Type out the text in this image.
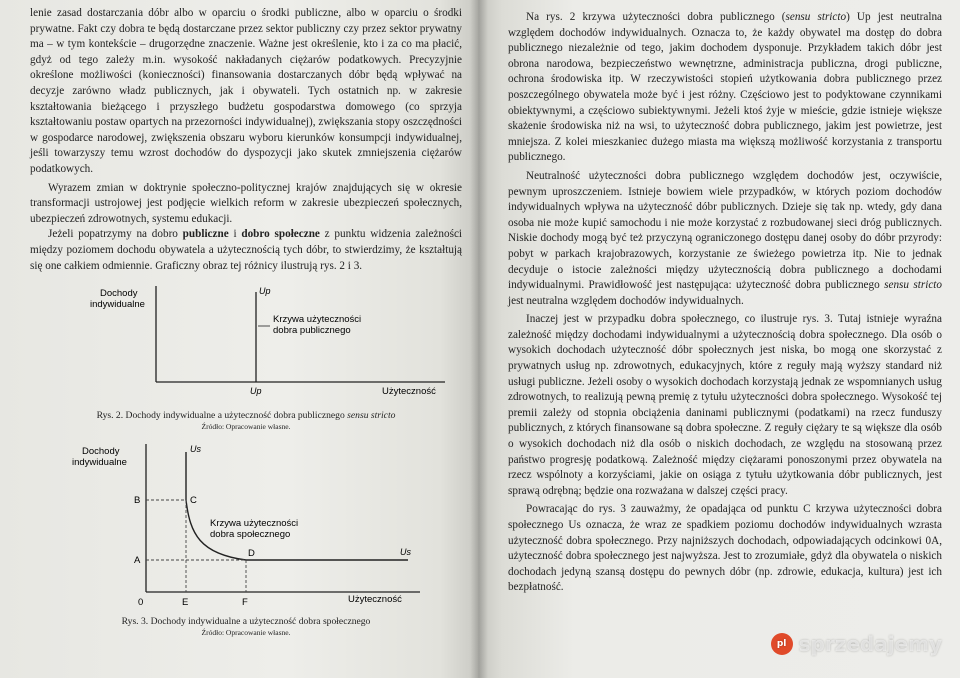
lenie zasad dostarczania dóbr albo w oparciu o środki publiczne, albo w oparciu o środki prywatne. Fakt czy dobra te będą dostarczane przez sektor publiczny czy przez sektor prywatny ma – w tym kontekście – drugorzędne znaczenie. Ważne jest określenie, kto i za co ma płacić, gdyż od tego zależy m.in. wysokość nakładanych ciężarów podatkowych. Precyzyjnie określone możliwości (konieczności) finansowania dostarczanych dóbr będą wpływać na decyzje zarówno władz publicznych, jak i obywateli. Tych ostatnich np. w zakresie kształtowania bieżącego i przyszłego budżetu gospodarstwa domowego (co sprzyja kształtowaniu postaw opartych na przezorności indywidualnej), zwiększania stopy oszczędności w gospodarce narodowej, zwiększenia obszaru wyboru kierunków konsumpcji indywidualnej, jeśli towarzyszy temu wzrost dochodów do dyspozycji jako skutek zmniejszenia ciężarów podatkowych.

Wyrazem zmian w doktrynie społeczno-politycznej krajów znajdujących się w okresie transformacji ustrojowej jest podjęcie wielkich reform w zakresie ubezpieczeń społecznych, ubezpieczeń zdrowotnych, systemu edukacji.

Jeżeli popatrzymy na dobro publiczne i dobro społeczne z punktu widzenia zależności między poziomem dochodu obywatela a użytecznością tych dóbr, to stwierdzimy, że kształtują się one całkiem odmiennie. Graficzny obraz tej różnicy ilustrują rys. 2 i 3.

Dochody
indywidualne
Up
Krzywa użyteczności
dobra publicznego
Up	Użyteczność

Rys. 2. Dochody indywidualne a użyteczność dobra publicznego sensu stricto

Źródło: Opracowanie własne.

Dochody
indywidualne
Us
B	C
A
D	Us
Krzywa użyteczności
dobra społecznego
0	E	F	Użyteczność

Rys. 3. Dochody indywidualne a użyteczność dobra społecznego

Źródło: Opracowanie własne.

Na rys. 2 krzywa użyteczności dobra publicznego (sensu stricto) Up jest neutralna względem dochodów indywidualnych. Oznacza to, że każdy obywatel ma dostęp do dobra publicznego niezależnie od tego, jakim dochodem dysponuje. Przykładem takich dóbr jest obrona narodowa, bezpieczeństwo wewnętrzne, administracja publiczna, drogi publiczne, ochrona środowiska itp. W rzeczywistości stopień użytkowania dobra publicznego przez poszczególnego obywatela może być i jest różny. Częściowo jest to podyktowane czynnikami obiektywnymi, a częściowo subiektywnymi. Jeżeli ktoś żyje w mieście, gdzie istnieje większe skażenie środowiska niż na wsi, to użyteczność dobra publicznego, jakim jest powietrze, jest mniejsza. Z kolei mieszkaniec dużego miasta ma większą możliwość korzystania z transportu publicznego.

Neutralność użyteczności dobra publicznego względem dochodów jest, oczywiście, pewnym uproszczeniem. Istnieje bowiem wiele przypadków, w których poziom dochodów indywidualnych wpływa na użyteczność dóbr publicznych. Dzieje się tak np. wtedy, gdy dana osoba nie może kupić samochodu i nie może korzystać z rozbudowanej sieci dróg publicznych. Niskie dochody mogą być też przyczyną ograniczonego dostępu danej osoby do dóbr przyrody: pobyt w parkach krajobrazowych, korzystanie ze świeżego powietrza itp. Nie to jednak decyduje o istocie zależności między użytecznością dobra publicznego a dochodami indywidualnymi. Prawidłowość jest następująca: użyteczność dobra publicznego sensu stricto jest neutralna względem dochodów indywidualnych.

Inaczej jest w przypadku dobra społecznego, co ilustruje rys. 3. Tutaj istnieje wyraźna zależność między dochodami indywidualnymi a użytecznością dobra społecznego. Dla osób o wysokich dochodach użyteczność dóbr społecznych jest niska, bo mogą one skorzystać z prywatnych usług np. zdrowotnych, edukacyjnych, które z reguły mają wyższy standard niż usługi publiczne. Jeżeli osoby o wysokich dochodach korzystają jednak ze wspomnianych usług zdrowotnych, to realizują pewną premię z tytułu użyteczności dobra społecznego. Wysokość tej premii zależy od stopnia obciążenia daninami publicznymi (podatkami) na rzecz funduszy publicznych, z których finansowane są dobra społeczne. Z reguły ciężary te są większe dla osób o wysokich dochodach niż dla osób o niskich dochodach, ze względu na stosowaną przez państwo progresję podatkową. Zależność między ciężarami ponoszonymi przez obywatela na rzecz wspólnoty a korzyściami, jakie on osiąga z tytułu użytkowania dóbr publicznych, jest sprawą odrębną; będzie ona rozważana w dalszej części pracy.

Powracając do rys. 3 zauważmy, że opadająca od punktu C krzywa użyteczności dobra społecznego Us oznacza, że wraz ze spadkiem poziomu dochodów indywidualnych wzrasta użyteczność dobra społecznego. Przy najniższych dochodach, odpowiadających odcinkowi 0A, użyteczność dobra społecznego jest najwyższa. Jest to zrozumiałe, gdyż dla obywatela o niskich dochodach jedyną szansą dostępu do pewnych dóbr (np. zdrowie, edukacja, kultura) jest ich bezpłatność.

pl sprzedajemy
